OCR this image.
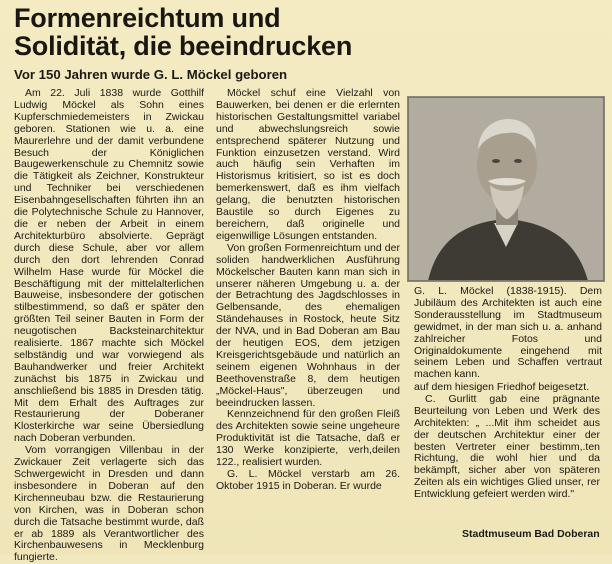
Formenreichtum und
Solidität, die beeindrucken
Vor 150 Jahren wurde G. L. Möckel geboren

Am 22. Juli 1838 wurde Gotthilf Ludwig Möckel als Sohn eines Kupferschmiedemeisters in Zwickau geboren. Stationen wie u. a. eine Maurerlehre und der damit verbundene Besuch der Königlichen Baugewerkenschule zu Chemnitz sowie die Tätigkeit als Zeichner, Konstrukteur und Techniker bei verschiedenen Eisenbahngesellschaften führten ihn an die Polytechnische Schule zu Hannover, die er neben der Arbeit in einem Architekturbüro absolvierte. Geprägt durch diese Schule, aber vor allem durch den dort lehrenden Conrad Wilhelm Hase wurde für Möckel die Beschäftigung mit der mittelalterlichen Bauweise, insbesondere der gotischen stilbestimmend, so daß er später den größten Teil seiner Bauten in Form der neugotischen Backsteinarchitektur realisierte. 1867 machte sich Möckel selbständig und war vorwiegend als Bauhandwerker und freier Architekt zunächst bis 1875 in Zwickau und anschließend bis 1885 in Dresden tätig. Mit dem Erhalt des Auftrages zur Restaurierung der Doberaner Klosterkirche war seine Übersiedlung nach Doberan verbunden.

Vom vorrangigen Villenbau in der Zwickauer Zeit verlagerte sich das Schwergewicht in Dresden und dann insbesondere in Doberan auf den Kirchenneubau bzw. die Restaurierung von Kirchen, was in Doberan schon durch die Tatsache bestimmt wurde, daß er ab 1889 als Verantwortlicher des Kirchenbauwesens in Mecklenburg fungierte.

Möckel schuf eine Vielzahl von Bauwerken, bei denen er die erlernten historischen Gestaltungsmittel variabel und abwechslungsreich sowie entsprechend späterer Nutzung und Funktion einzusetzen verstand. Wird auch häufig sein Verhaften im Historismus kritisiert, so ist es doch bemerkenswert, daß es ihm vielfach gelang, die benutzten historischen Baustile so durch Eigenes zu bereichern, daß originelle und eigenwillige Lösungen entstanden.

Von großen Formenreichtum und der soliden handwerklichen Ausführung Möckelscher Bauten kann man sich in unserer näheren Umgebung u. a. der der Betrachtung des Jagdschlosses in Gelbensande, des ehemaligen Ständehauses in Rostock, heute Sitz der NVA, und in Bad Doberan am Bau der heutigen EOS, dem jetzigen Kreisgerichtsgebäude und natürlich an seinem eigenen Wohnhaus in der Beethovenstraße 8, dem heutigen „Möckel-Haus", überzeugen und beeindrucken lassen.

Kennzeichnend für den großen Fleiß des Architekten sowie seine ungeheure Produktivität ist die Tatsache, daß er 130 Werke konzipierte, verh,deilen 122., realisiert wurden.

G. L. Möckel verstarb am 26. Oktober 1915 in Doberan. Er wurde

G. L. Möckel (1838-1915). Dem Jubiläum des Architekten ist auch eine Sonderausstellung im Stadtmuseum gewidmet, in der man sich u. a. anhand zahlreicher Fotos und Originaldokumente eingehend mit seinem Leben und Schaffen vertraut machen kann.

auf dem hiesigen Friedhof beigesetzt.

C. Gurlitt gab eine prägnante Beurteilung von Leben und Werk des Architekten: „ ...Mit ihm scheidet aus der deutschen Architektur einer der besten Vertreter einer bestimm,.ten Richtung, die wohl hier und da bekämpft, sicher aber von späteren Zeiten als ein wichtiges Glied unser, rer Entwicklung gefeiert werden wird."

Stadtmuseum Bad Doberan
